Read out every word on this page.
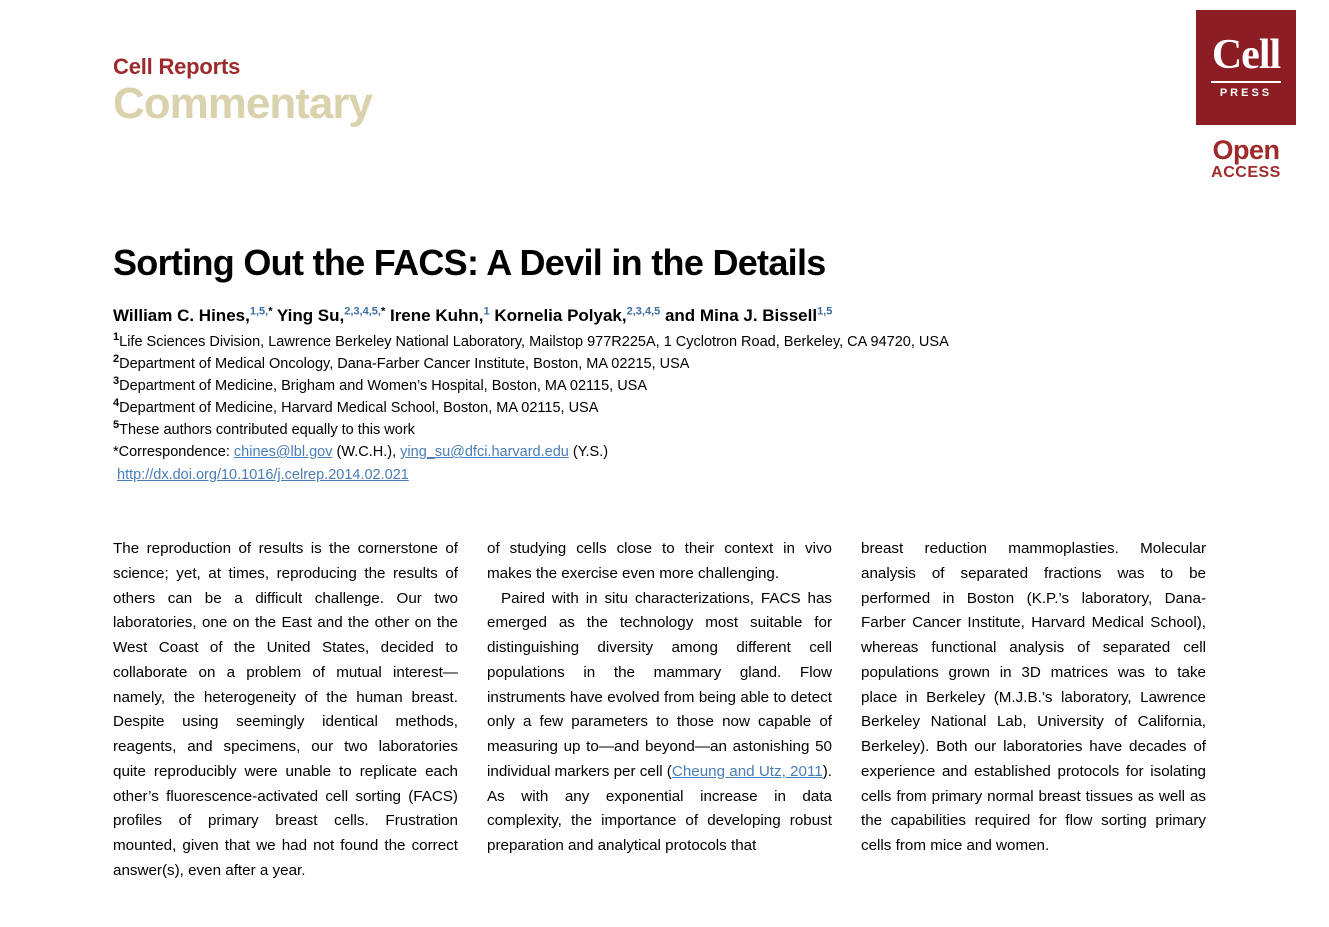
Cell Reports
Commentary
Cell
PRESS
Open
ACCESS
Sorting Out the FACS: A Devil in the Details
William C. Hines,$^{1,5,*}$ Ying Su,$^{2,3,4,5,*}$ Irene Kuhn,$^1$ Kornelia Polyak,$^{2,3,4,5}$ and Mina J. Bissell$^{1,5}$
$^1$Life Sciences Division, Lawrence Berkeley National Laboratory, Mailstop 977R225A, 1 Cyclotron Road, Berkeley, CA 94720, USA
$^2$Department of Medical Oncology, Dana-Farber Cancer Institute, Boston, MA 02215, USA
$^3$Department of Medicine, Brigham and Women’s Hospital, Boston, MA 02115, USA
$^4$Department of Medicine, Harvard Medical School, Boston, MA 02115, USA
$^5$These authors contributed equally to this work
*Correspondence: chines@lbl.gov (W.C.H.), ying_su@dfci.harvard.edu (Y.S.)
http://dx.doi.org/10.1016/j.celrep.2014.02.021

The reproduction of results is the cornerstone of science; yet, at times, reproducing the results of others can be a difficult challenge. Our two laboratories, one on the East and the other on the West Coast of the United States, decided to collaborate on a problem of mutual interest—namely, the heterogeneity of the human breast. Despite using seemingly identical methods, reagents, and specimens, our two laboratories quite reproducibly were unable to replicate each other’s fluorescence-activated cell sorting (FACS) profiles of primary breast cells. Frustration mounted, given that we had not found the correct answer(s), even after a year.

of studying cells close to their context in vivo makes the exercise even more challenging.

Paired with in situ characterizations, FACS has emerged as the technology most suitable for distinguishing diversity among different cell populations in the mammary gland. Flow instruments have evolved from being able to detect only a few parameters to those now capable of measuring up to—and beyond—an astonishing 50 individual markers per cell (Cheung and Utz, 2011). As with any exponential increase in data complexity, the importance of developing robust preparation and analytical protocols that

breast reduction mammoplasties. Molecular analysis of separated fractions was to be performed in Boston (K.P.’s laboratory, Dana-Farber Cancer Institute, Harvard Medical School), whereas functional analysis of separated cell populations grown in 3D matrices was to take place in Berkeley (M.J.B.’s laboratory, Lawrence Berkeley National Lab, University of California, Berkeley). Both our laboratories have decades of experience and established protocols for isolating cells from primary normal breast tissues as well as the capabilities required for flow sorting primary cells from mice and women.
